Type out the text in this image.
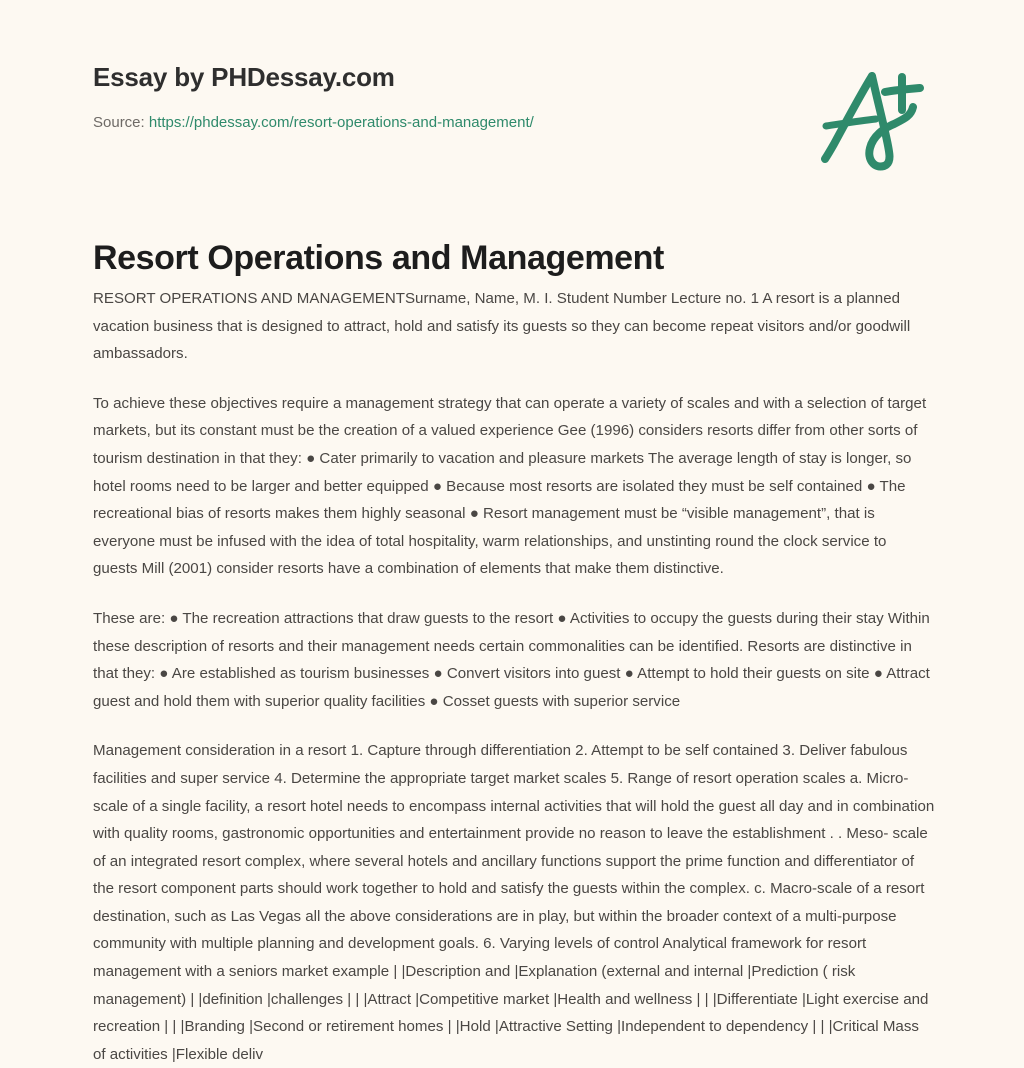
Essay by PHDessay.com
Source: https://phdessay.com/resort-operations-and-management/
Resort Operations and Management

RESORT OPERATIONS AND MANAGEMENTSurname, Name, M. I. Student Number Lecture no. 1 A resort is a planned vacation business that is designed to attract, hold and satisfy its guests so they can become repeat visitors and/or goodwill ambassadors.

To achieve these objectives require a management strategy that can operate a variety of scales and with a selection of target markets, but its constant must be the creation of a valued experience Gee (1996) considers resorts differ from other sorts of tourism destination in that they: ● Cater primarily to vacation and pleasure markets The average length of stay is longer, so hotel rooms need to be larger and better equipped ● Because most resorts are isolated they must be self contained ● The recreational bias of resorts makes them highly seasonal ● Resort management must be “visible management”, that is everyone must be infused with the idea of total hospitality, warm relationships, and unstinting round the clock service to guests Mill (2001) consider resorts have a combination of elements that make them distinctive.

These are: ● The recreation attractions that draw guests to the resort ● Activities to occupy the guests during their stay Within these description of resorts and their management needs certain commonalities can be identified. Resorts are distinctive in that they: ● Are established as tourism businesses ● Convert visitors into guest ● Attempt to hold their guests on site ● Attract guest and hold them with superior quality facilities ● Cosset guests with superior service

Management consideration in a resort 1. Capture through differentiation 2. Attempt to be self contained 3. Deliver fabulous facilities and super service 4. Determine the appropriate target market scales 5. Range of resort operation scales a. Micro-scale of a single facility, a resort hotel needs to encompass internal activities that will hold the guest all day and in combination with quality rooms, gastronomic opportunities and entertainment provide no reason to leave the establishment . . Meso- scale of an integrated resort complex, where several hotels and ancillary functions support the prime function and differentiator of the resort component parts should work together to hold and satisfy the guests within the complex. c. Macro-scale of a resort destination, such as Las Vegas all the above considerations are in play, but within the broader context of a multi-purpose community with multiple planning and development goals. 6. Varying levels of control Analytical framework for resort management with a seniors market example | |Description and |Explanation (external and internal |Prediction ( risk management) | |definition |challenges | | |Attract |Competitive market |Health and wellness | | |Differentiate |Light exercise and recreation | | |Branding |Second or retirement homes | |Hold |Attractive Setting |Independent to dependency | | |Critical Mass of activities |Flexible deliv
